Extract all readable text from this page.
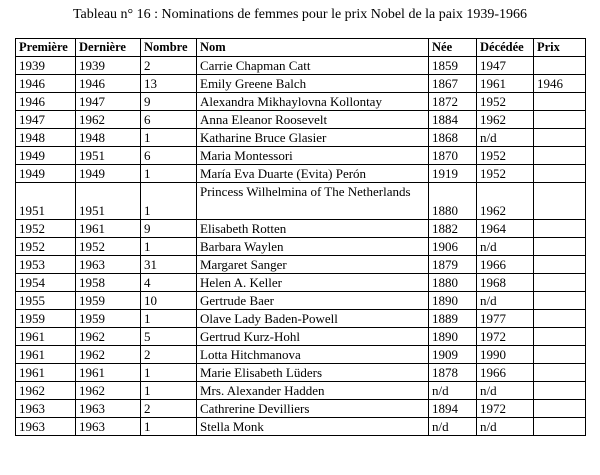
Tableau n° 16 : Nominations de femmes pour le prix Nobel de la paix 1939-1966
Première	Dernière	Nombre	Nom	Née	Décédée	Prix
1939	1939	2	Carrie Chapman Catt	1859	1947	
1946	1946	13	Emily Greene Balch	1867	1961	1946
1946	1947	9	Alexandra Mikhaylovna Kollontay	1872	1952	
1947	1962	6	Anna Eleanor Roosevelt	1884	1962	
1948	1948	1	Katharine Bruce Glasier	1868	n/d	
1949	1951	6	Maria Montessori	1870	1952	
1949	1949	1	María Eva Duarte (Evita) Perón	1919	1952	
1951	1951	1	Princess Wilhelmina of The Netherlands	1880	1962	
1952	1961	9	Elisabeth Rotten	1882	1964	
1952	1952	1	Barbara Waylen	1906	n/d	
1953	1963	31	Margaret Sanger	1879	1966	
1954	1958	4	Helen A. Keller	1880	1968	
1955	1959	10	Gertrude Baer	1890	n/d	
1959	1959	1	Olave Lady Baden-Powell	1889	1977	
1961	1962	5	Gertrud Kurz-Hohl	1890	1972	
1961	1962	2	Lotta Hitchmanova	1909	1990	
1961	1961	1	Marie Elisabeth Lüders	1878	1966	
1962	1962	1	Mrs. Alexander Hadden	n/d	n/d	
1963	1963	2	Cathrerine Devilliers	1894	1972	
1963	1963	1	Stella Monk	n/d	n/d	
